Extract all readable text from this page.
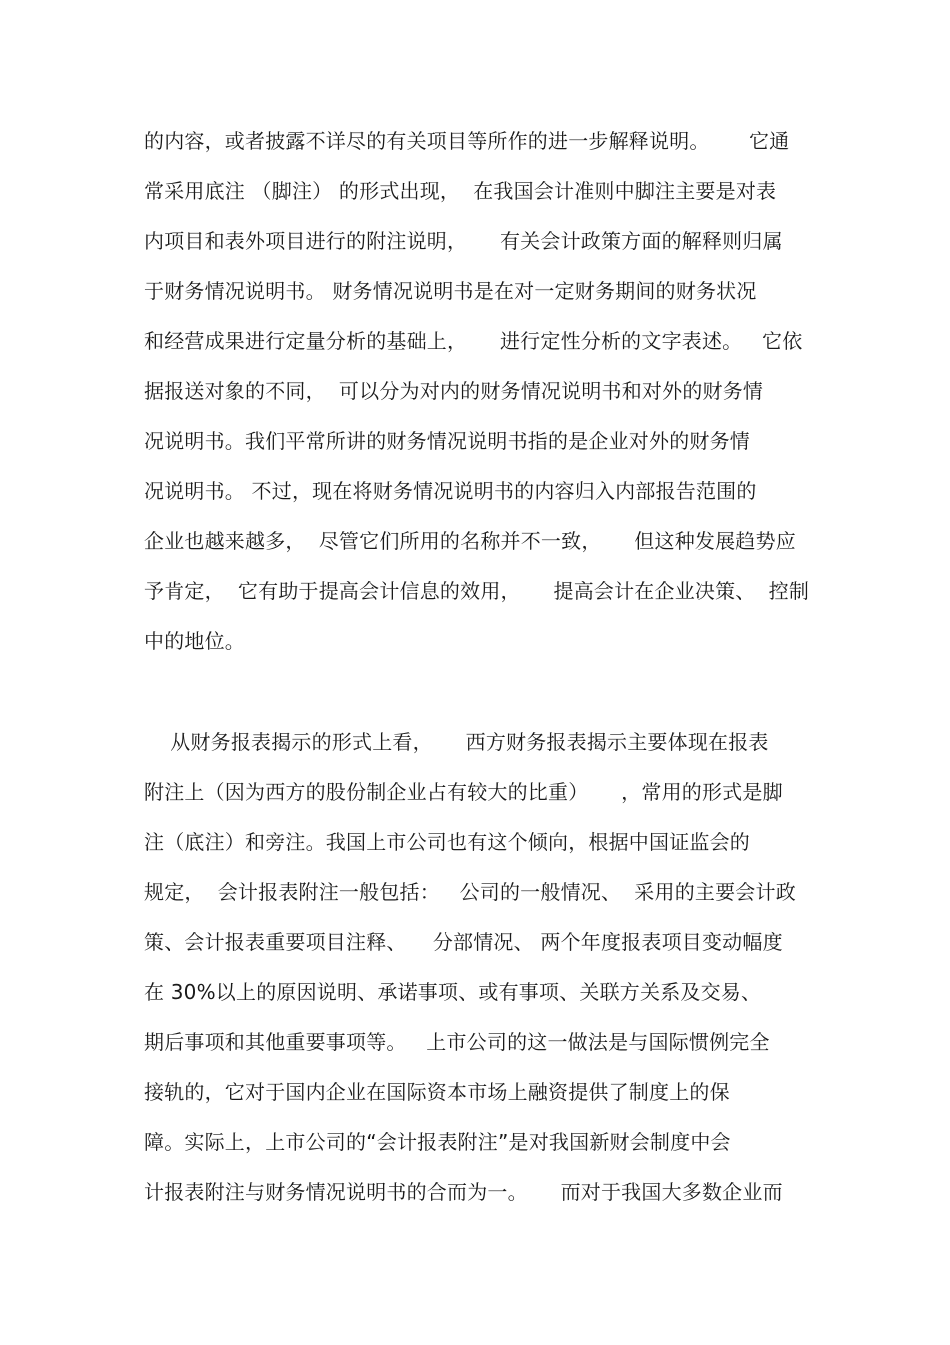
的内容，或者披露不详尽的有关项目等所作的进一步解释说明。      它通
常采用底注 （脚注） 的形式出现，  在我国会计准则中脚注主要是对表
内项目和表外项目进行的附注说明，     有关会计政策方面的解释则归属
于财务情况说明书。 财务情况说明书是在对一定财务期间的财务状况
和经营成果进行定量分析的基础上，     进行定性分析的文字表述。   它依
据报送对象的不同，  可以分为对内的财务情况说明书和对外的财务情
况说明书。我们平常所讲的财务情况说明书指的是企业对外的财务情
况说明书。 不过，现在将财务情况说明书的内容归入内部报告范围的
企业也越来越多，  尽管它们所用的名称并不一致，     但这种发展趋势应
予肯定，  它有助于提高会计信息的效用，     提高会计在企业决策、  控制
中的地位。
从财务报表揭示的形式上看，     西方财务报表揭示主要体现在报表
附注上（因为西方的股份制企业占有较大的比重）     ，常用的形式是脚
注（底注）和旁注。我国上市公司也有这个倾向，根据中国证监会的
规定，  会计报表附注一般包括：   公司的一般情况、  采用的主要会计政
策、会计报表重要项目注释、    分部情况、 两个年度报表项目变动幅度
在 30%以上的原因说明、承诺事项、或有事项、关联方关系及交易、
期后事项和其他重要事项等。   上市公司的这一做法是与国际惯例完全
接轨的，它对于国内企业在国际资本市场上融资提供了制度上的保
障。实际上，上市公司的“会计报表附注”是对我国新财会制度中会
计报表附注与财务情况说明书的合而为一。     而对于我国大多数企业而
